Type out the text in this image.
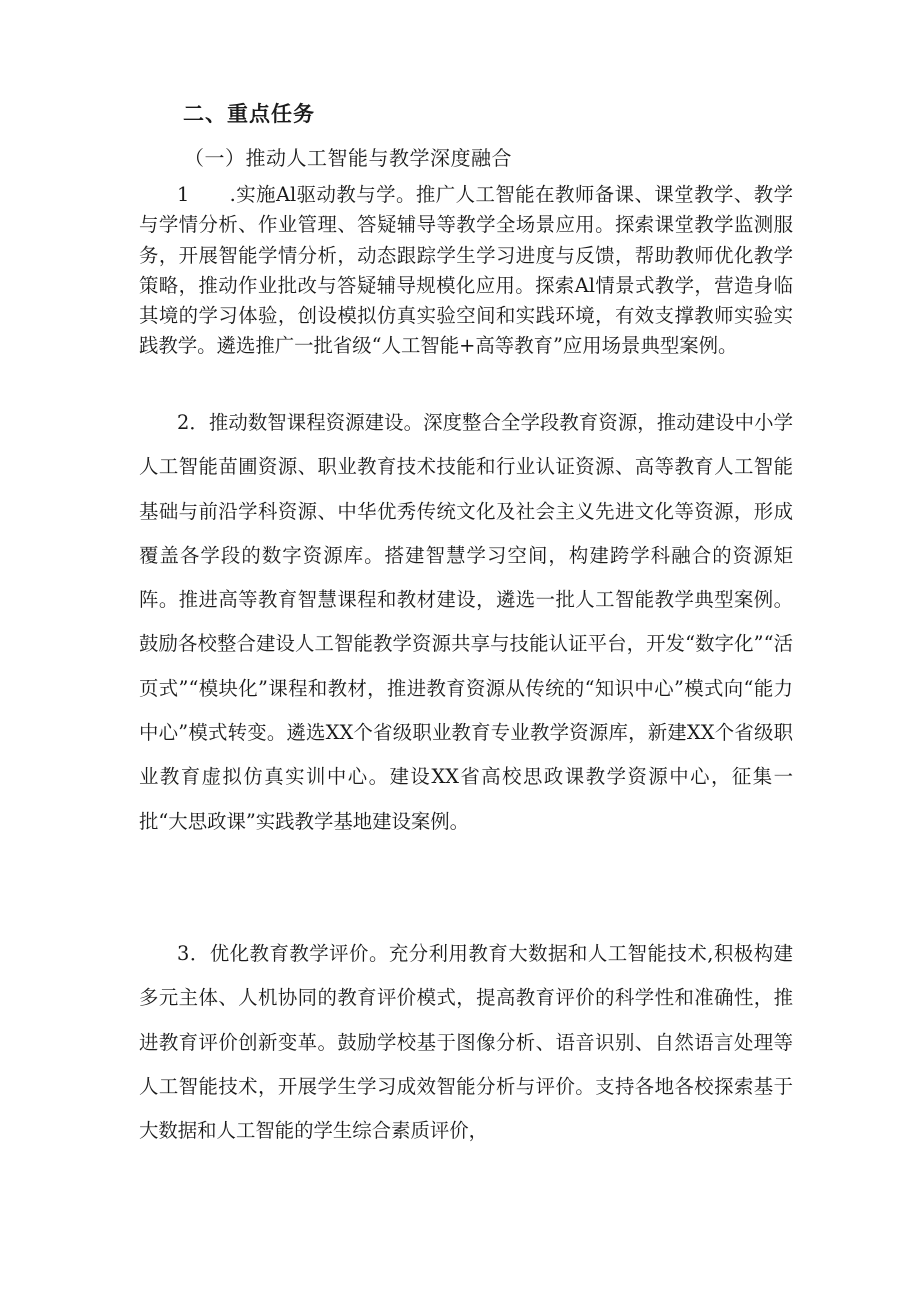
二、重点任务
（一）推动人工智能与教学深度融合

1　　.实施Al驱动教与学。推广人工智能在教师备课、课堂教学、教学与学情分析、作业管理、答疑辅导等教学全场景应用。探索课堂教学监测服务，开展智能学情分析，动态跟踪学生学习进度与反馈，帮助教师优化教学策略，推动作业批改与答疑辅导规模化应用。探索Al情景式教学，营造身临其境的学习体验，创设模拟仿真实验空间和实践环境，有效支撑教师实验实践教学。遴选推广一批省级“人工智能+高等教育”应用场景典型案例。

2．推动数智课程资源建设。深度整合全学段教育资源，推动建设中小学人工智能苗圃资源、职业教育技术技能和行业认证资源、高等教育人工智能基础与前沿学科资源、中华优秀传统文化及社会主义先进文化等资源，形成覆盖各学段的数字资源库。搭建智慧学习空间，构建跨学科融合的资源矩阵。推进高等教育智慧课程和教材建设，遴选一批人工智能教学典型案例。鼓励各校整合建设人工智能教学资源共享与技能认证平台，开发“数字化”“活页式”“模块化”课程和教材，推进教育资源从传统的“知识中心”模式向“能力中心”模式转变。遴选XX个省级职业教育专业教学资源库，新建XX个省级职业教育虚拟仿真实训中心。建设XX省高校思政课教学资源中心，征集一批“大思政课”实践教学基地建设案例。

3．优化教育教学评价。充分利用教育大数据和人工智能技术,积极构建多元主体、人机协同的教育评价模式，提高教育评价的科学性和准确性，推进教育评价创新变革。鼓励学校基于图像分析、语音识别、自然语言处理等人工智能技术，开展学生学习成效智能分析与评价。支持各地各校探索基于大数据和人工智能的学生综合素质评价，
